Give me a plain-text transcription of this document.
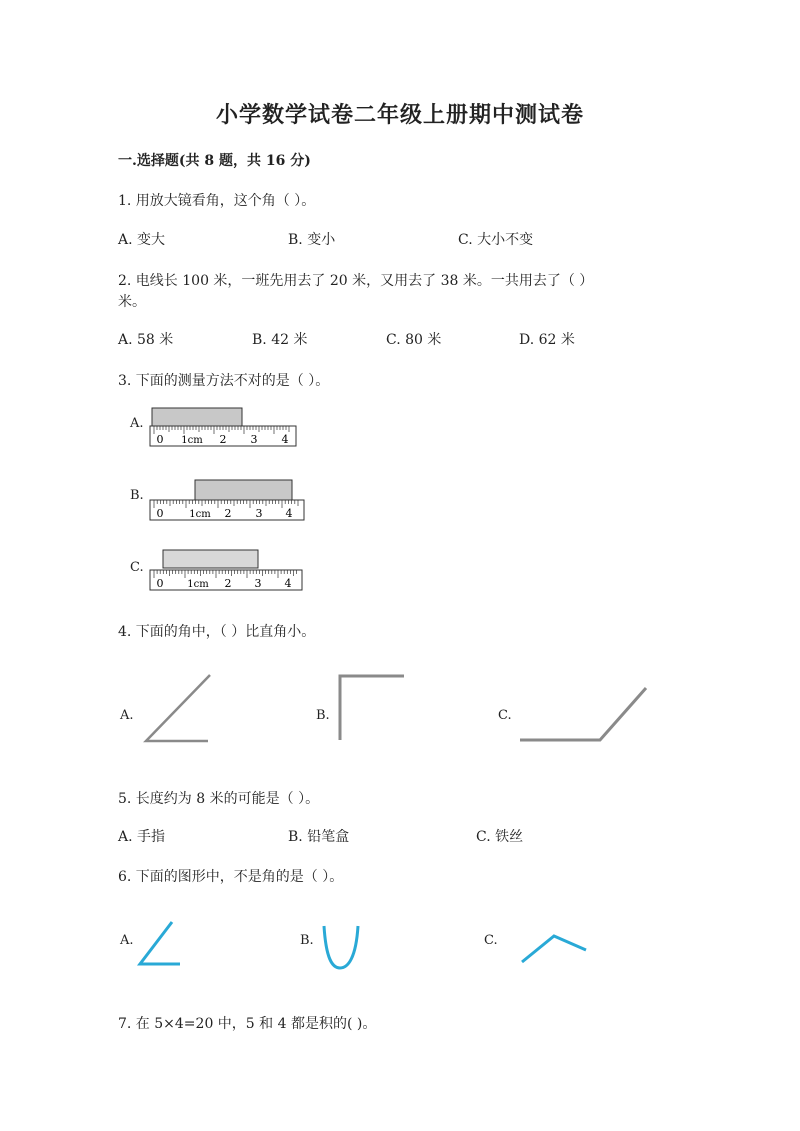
小学数学试卷二年级上册期中测试卷
一.选择题(共 8 题，共 16 分)
1. 用放大镜看角，这个角（ ）。
A. 变大	B. 变小	C. 大小不变
2. 电线长 100 米，一班先用去了 20 米，又用去了 38 米。一共用去了（ ）
米。
A. 58 米	B. 42 米	C. 80 米	D. 62 米
3. 下面的测量方法不对的是（ ）。
A.
B.
C.
0 1cm 2 3 4
0	1cm 2 3 4
0 1cm 2 3 4
4. 下面的角中，（ ）比直角小。
A.	B.	C.
5. 长度约为 8 米的可能是（ ）。
A. 手指	B. 铅笔盒	C. 铁丝
6. 下面的图形中，不是角的是（ ）。
A.	B.	C.
7. 在 5×4=20 中，5 和 4 都是积的( )。
